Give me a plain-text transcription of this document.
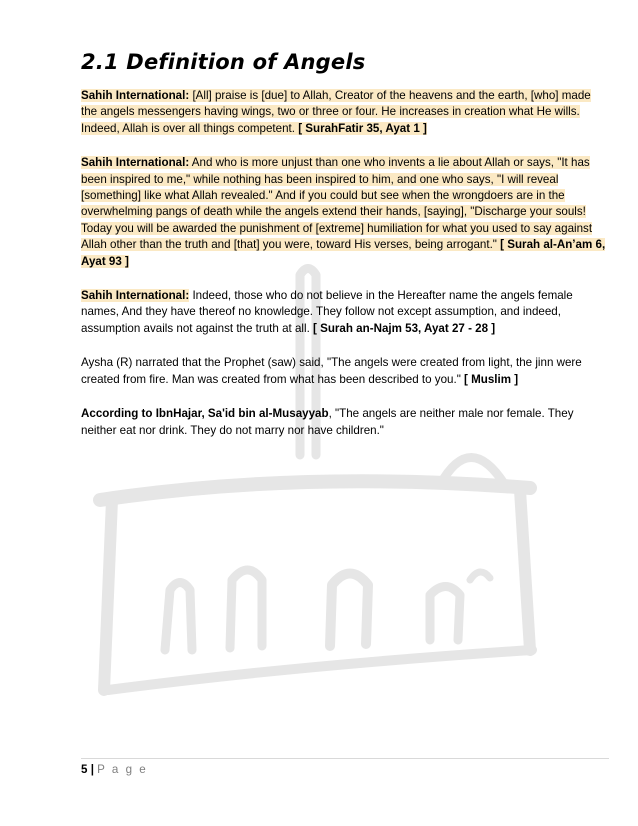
2.1 Definition of Angels

Sahih International: [All] praise is [due] to Allah, Creator of the heavens and the earth, [who] made the angels messengers having wings, two or three or four. He increases in creation what He wills. Indeed, Allah is over all things competent. [ SurahFatir 35, Ayat 1 ]

Sahih International: And who is more unjust than one who invents a lie about Allah or says, "It has been inspired to me," while nothing has been inspired to him, and one who says, "I will reveal [something] like what Allah revealed." And if you could but see when the wrongdoers are in the overwhelming pangs of death while the angels extend their hands, [saying], "Discharge your souls! Today you will be awarded the punishment of [extreme] humiliation for what you used to say against Allah other than the truth and [that] you were, toward His verses, being arrogant." [ Surah al-An’am 6, Ayat 93 ]

Sahih International: Indeed, those who do not believe in the Hereafter name the angels female names, And they have thereof no knowledge. They follow not except assumption, and indeed, assumption avails not against the truth at all. [ Surah an-Najm 53, Ayat 27 - 28 ]

Aysha (R) narrated that the Prophet (saw) said, "The angels were created from light, the jinn were created from fire. Man was created from what has been described to you." [ Muslim ]

According to IbnHajar, Sa'id bin al-Musayyab, "The angels are neither male nor female. They neither eat nor drink. They do not marry nor have children."

5 | P a g e
